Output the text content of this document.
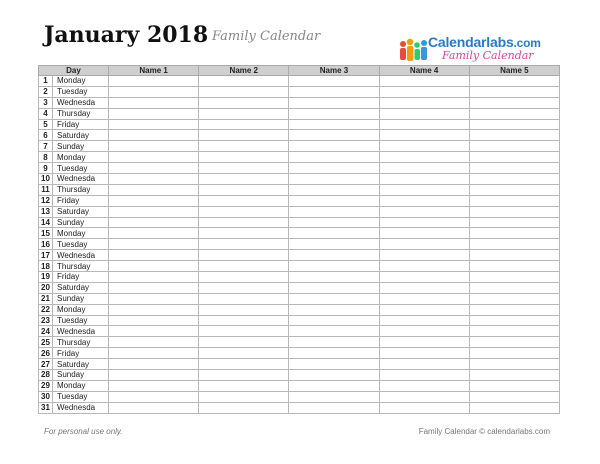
January 2018 Family Calendar	Calendarlabs.com
Family Calendar
Day		Name 1	Name 2	Name 3	Name 4	Name 5
1	Monday					
2	Tuesday					
3	Wednesda					
4	Thursday					
5	Friday					
6	Saturday					
7	Sunday					
8	Monday					
9	Tuesday					
10	Wednesda					
11	Thursday					
12	Friday					
13	Saturday					
14	Sunday					
15	Monday					
16	Tuesday					
17	Wednesda					
18	Thursday					
19	Friday					
20	Saturday					
21	Sunday					
22	Monday					
23	Tuesday					
24	Wednesda					
25	Thursday					
26	Friday					
27	Saturday					
28	Sunday					
29	Monday					
30	Tuesday					
31	Wednesda					
For personal use only.	Family Calendar © calendarlabs.com
